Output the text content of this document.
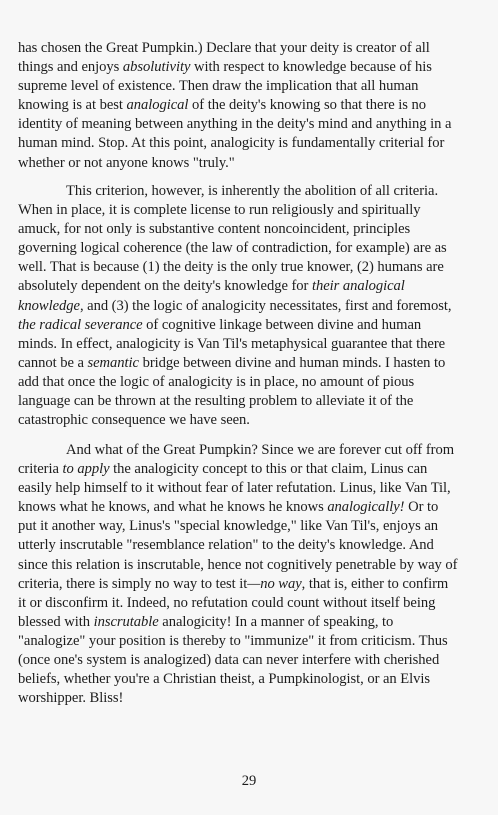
has chosen the Great Pumpkin.) Declare that your deity is creator of all
things and enjoys absolutivity with respect to knowledge because of his
supreme level of existence. Then draw the implication that all human
knowing is at best analogical of the deity's knowing so that there is no
identity of meaning between anything in the deity's mind and anything in a
human mind. Stop. At this point, analogicity is fundamentally criterial for
whether or not anyone knows "truly."
This criterion, however, is inherently the abolition of all criteria.
When in place, it is complete license to run religiously and spiritually
amuck, for not only is substantive content noncoincident, principles
governing logical coherence (the law of contradiction, for example) are as
well. That is because (1) the deity is the only true knower, (2) humans are
absolutely dependent on the deity's knowledge for their analogical
knowledge, and (3) the logic of analogicity necessitates, first and foremost,
the radical severance of cognitive linkage between divine and human
minds. In effect, analogicity is Van Til's metaphysical guarantee that there
cannot be a semantic bridge between divine and human minds. I hasten to
add that once the logic of analogicity is in place, no amount of pious
language can be thrown at the resulting problem to alleviate it of the
catastrophic consequence we have seen.
And what of the Great Pumpkin? Since we are forever cut off from
criteria to apply the analogicity concept to this or that claim, Linus can
easily help himself to it without fear of later refutation. Linus, like Van Til,
knows what he knows, and what he knows he knows analogically! Or to
put it another way, Linus's "special knowledge," like Van Til's, enjoys an
utterly inscrutable "resemblance relation" to the deity's knowledge. And
since this relation is inscrutable, hence not cognitively penetrable by way of
criteria, there is simply no way to test it—no way, that is, either to confirm
it or disconfirm it. Indeed, no refutation could count without itself being
blessed with inscrutable analogicity! In a manner of speaking, to
"analogize" your position is thereby to "immunize" it from criticism. Thus
(once one's system is analogized) data can never interfere with cherished
beliefs, whether you're a Christian theist, a Pumpkinologist, or an Elvis
worshipper. Bliss!
29
